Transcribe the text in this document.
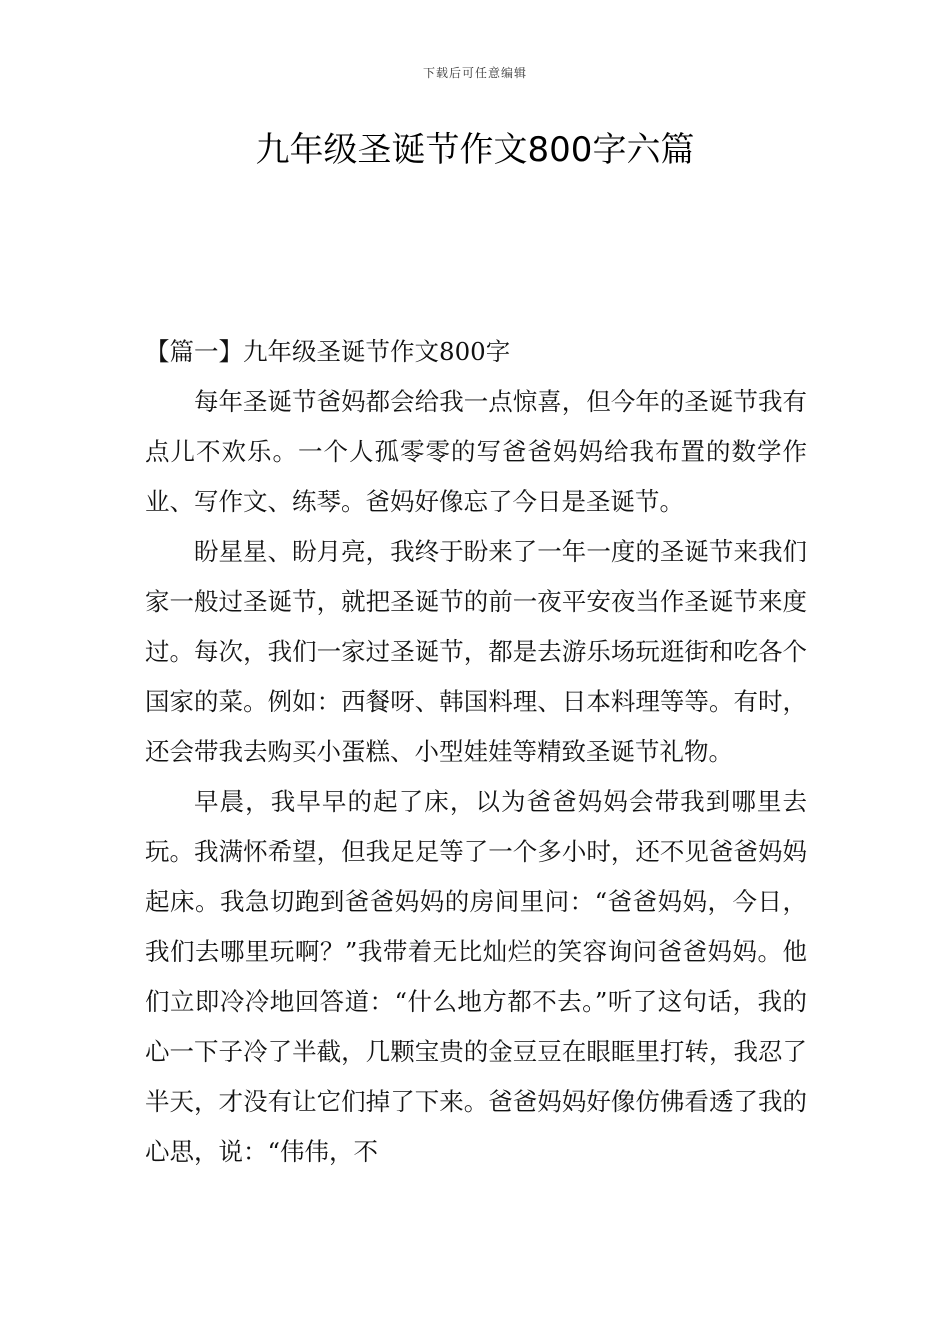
下载后可任意编辑
九年级圣诞节作文800字六篇
【篇一】九年级圣诞节作文800字

每年圣诞节爸妈都会给我一点惊喜，但今年的圣诞节我有点儿不欢乐。一个人孤零零的写爸爸妈妈给我布置的数学作业、写作文、练琴。爸妈好像忘了今日是圣诞节。

盼星星、盼月亮，我终于盼来了一年一度的圣诞节来我们家一般过圣诞节，就把圣诞节的前一夜平安夜当作圣诞节来度过。每次，我们一家过圣诞节，都是去游乐场玩逛街和吃各个国家的菜。例如：西餐呀、韩国料理、日本料理等等。有时，还会带我去购买小蛋糕、小型娃娃等精致圣诞节礼物。

早晨，我早早的起了床，以为爸爸妈妈会带我到哪里去玩。我满怀希望，但我足足等了一个多小时，还不见爸爸妈妈起床。我急切跑到爸爸妈妈的房间里问：“爸爸妈妈，今日，我们去哪里玩啊？”我带着无比灿烂的笑容询问爸爸妈妈。他们立即冷冷地回答道：“什么地方都不去。”听了这句话，我的心一下子冷了半截，几颗宝贵的金豆豆在眼眶里打转，我忍了半天，才没有让它们掉了下来。爸爸妈妈好像仿佛看透了我的心思，说：“伟伟，不
